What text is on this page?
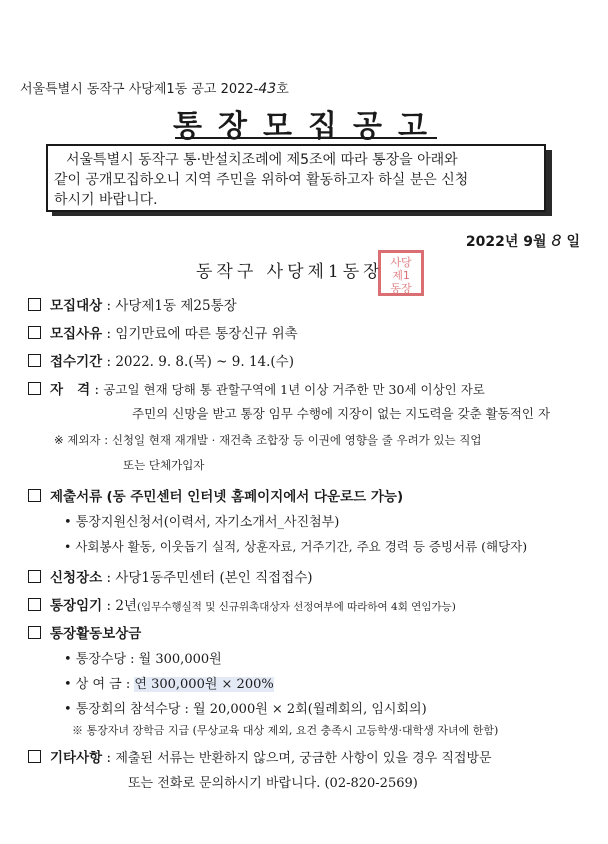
서울특별시 동작구 사당제1동 공고 2022-43호
통장모집공고
서울특별시 동작구 통·반설치조례에 제5조에 따라 통장을 아래와
같이 공개모집하오니 지역 주민을 위하여 활동하고자 하실 분은 신청
하시기 바랍니다.
2022년 9월 8 일
동작구 사당제1동장 사당
제1
동장
모집대상 : 사당제1동 제25통장
모집사유 : 임기만료에 따른 통장신규 위촉
접수기간 : 2022. 9. 8.(목) ~ 9. 14.(수)
자   격 : 공고일 현재 당해 통 관할구역에 1년 이상 거주한 만 30세 이상인 자로
주민의 신망을 받고 통장 임무 수행에 지장이 없는 지도력을 갖춘 활동적인 자
※ 제외자 : 신청일 현재 재개발 · 재건축 조합장 등 이권에 영향을 줄 우려가 있는 직업
또는 단체가입자
제출서류 (동 주민센터 인터넷 홈페이지에서 다운로드 가능)
• 통장지원신청서(이력서, 자기소개서_사진첨부)
• 사회봉사 활동, 이웃돕기 실적, 상훈자료, 거주기간, 주요 경력 등 증빙서류 (해당자)
신청장소 : 사당1동주민센터 (본인 직접접수)
통장임기 : 2년(임무수행실적 및 신규위촉대상자 선정여부에 따라하여 4회 연임가능)
통장활동보상금
• 통장수당 : 월 300,000원
• 상 여 금 : 연 300,000원 × 200%
• 통장회의 참석수당 : 월 20,000원 × 2회(월례회의, 임시회의)
※ 통장자녀 장학금 지급 (무상교육 대상 제외, 요건 충족시 고등학생·대학생 자녀에 한함)
기타사항 : 제출된 서류는 반환하지 않으며, 궁금한 사항이 있을 경우 직접방문
또는 전화로 문의하시기 바랍니다. (02-820-2569)
